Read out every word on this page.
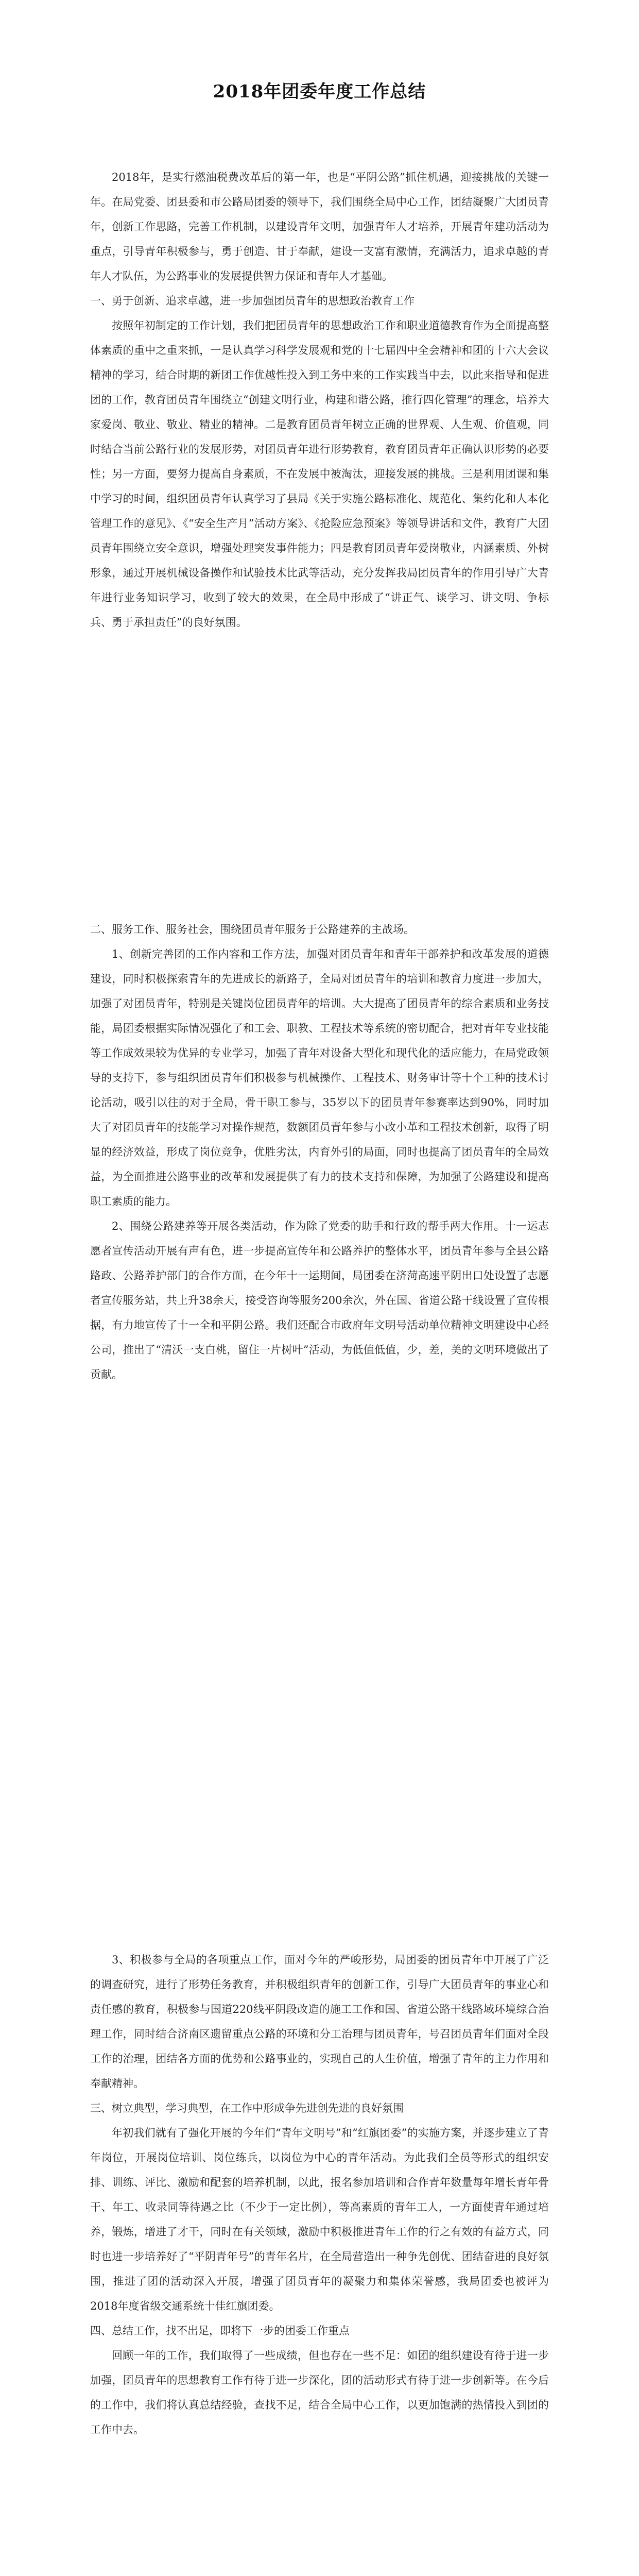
2018年团委年度工作总结

2018年，是实行燃油税费改革后的第一年，也是“平阴公路”抓住机遇，迎接挑战的关键一年。在局党委、团县委和市公路局团委的领导下，我们围绕全局中心工作，团结凝聚广大团员青年，创新工作思路，完善工作机制，以建设青年文明，加强青年人才培养，开展青年建功活动为重点，引导青年积极参与，勇于创造、甘于奉献，建设一支富有激情，充满活力，追求卓越的青年人才队伍，为公路事业的发展提供智力保证和青年人才基础。

一、勇于创新、追求卓越，进一步加强团员青年的思想政治教育工作

按照年初制定的工作计划，我们把团员青年的思想政治工作和职业道德教育作为全面提高整体素质的重中之重来抓，一是认真学习科学发展观和党的十七届四中全会精神和团的十六大会议精神的学习，结合时期的新团工作优越性投入到工务中来的工作实践当中去，以此来指导和促进团的工作，教育团员青年围绕立“创建文明行业，构建和谐公路，推行四化管理”的理念，培养大家爱岗、敬业、敬业、精业的精神。二是教育团员青年树立正确的世界观、人生观、价值观，同时结合当前公路行业的发展形势，对团员青年进行形势教育，教育团员青年正确认识形势的必要性；另一方面，要努力提高自身素质，不在发展中被淘汰，迎接发展的挑战。三是利用团课和集中学习的时间，组织团员青年认真学习了县局《关于实施公路标准化、规范化、集约化和人本化管理工作的意见》、《“安全生产月”活动方案》、《抢险应急预案》等领导讲话和文件，教育广大团员青年围绕立安全意识，增强处理突发事件能力；四是教育团员青年爱岗敬业，内涵素质、外树形象，通过开展机械设备操作和试验技术比武等活动，充分发挥我局团员青年的作用引导广大青年进行业务知识学习，收到了较大的效果，在全局中形成了“讲正气、谈学习、讲文明、争标兵、勇于承担责任”的良好氛围。

二、服务工作、服务社会，围绕团员青年服务于公路建养的主战场。

1、创新完善团的工作内容和工作方法，加强对团员青年和青年干部养护和改革发展的道德建设，同时积极探索青年的先进成长的新路子，全局对团员青年的培训和教育力度进一步加大，加强了对团员青年，特别是关键岗位团员青年的培训。大大提高了团员青年的综合素质和业务技能，局团委根据实际情况强化了和工会、职教、工程技术等系统的密切配合，把对青年专业技能等工作成效果较为优异的专业学习，加强了青年对设备大型化和现代化的适应能力，在局党政领导的支持下，参与组织团员青年们积极参与机械操作、工程技术、财务审计等十个工种的技术讨论活动，吸引以往的对于全局，骨干职工参与，35岁以下的团员青年参赛率达到90%，同时加大了对团员青年的技能学习对操作规范，数额团员青年参与小改小革和工程技术创新，取得了明显的经济效益，形成了岗位竞争，优胜劣汰，内育外引的局面，同时也提高了团员青年的全局效益，为全面推进公路事业的改革和发展提供了有力的技术支持和保障，为加强了公路建设和提高职工素质的能力。

2、围绕公路建养等开展各类活动，作为除了党委的助手和行政的帮手两大作用。十一运志愿者宣传活动开展有声有色，进一步提高宣传年和公路养护的整体水平，团员青年参与全县公路路政、公路养护部门的合作方面，在今年十一运期间，局团委在济菏高速平阴出口处设置了志愿者宣传服务站，共上升38余天，接受咨询等服务200余次，外在国、省道公路干线设置了宣传根据，有力地宣传了十一全和平阴公路。我们还配合市政府年文明号活动单位精神文明建设中心经公司，推出了“清沃一支白桃，留住一片树叶”活动，为低值低值，少，差，美的文明环境做出了贡献。

3、积极参与全局的各项重点工作，面对今年的严峻形势，局团委的团员青年中开展了广泛的调查研究，进行了形势任务教育，并积极组织青年的创新工作，引导广大团员青年的事业心和责任感的教育，积极参与国道220线平阴段改造的施工工作和国、省道公路干线路域环境综合治理工作，同时结合济南区遗留重点公路的环境和分工治理与团员青年，号召团员青年们面对全段工作的治理，团结各方面的优势和公路事业的，实现自己的人生价值，增强了青年的主力作用和奉献精神。

三、树立典型，学习典型，在工作中形成争先进创先进的良好氛围

年初我们就有了强化开展的今年们“青年文明号”和“红旗团委”的实施方案，并逐步建立了青年岗位，开展岗位培训、岗位练兵，以岗位为中心的青年活动。为此我们全员等形式的组织安排、训练、评比、激励和配套的培养机制，以此，报名参加培训和合作青年数量每年增长青年骨干、年工、收录同等待遇之比（不少于一定比例），等高素质的青年工人，一方面使青年通过培养，锻炼，增进了才干，同时在有关领域，激励中积极推进青年工作的行之有效的有益方式，同时也进一步培养好了“平阴青年号”的青年名片，在全局营造出一种争先创优、团结奋进的良好氛围，推进了团的活动深入开展，增强了团员青年的凝聚力和集体荣誉感，我局团委也被评为2018年度省级交通系统十佳红旗团委。

四、总结工作，找不出足，即将下一步的团委工作重点

回顾一年的工作，我们取得了一些成绩，但也存在一些不足：如团的组织建设有待于进一步加强，团员青年的思想教育工作有待于进一步深化，团的活动形式有待于进一步创新等。在今后的工作中，我们将认真总结经验，查找不足，结合全局中心工作，以更加饱满的热情投入到团的工作中去。
